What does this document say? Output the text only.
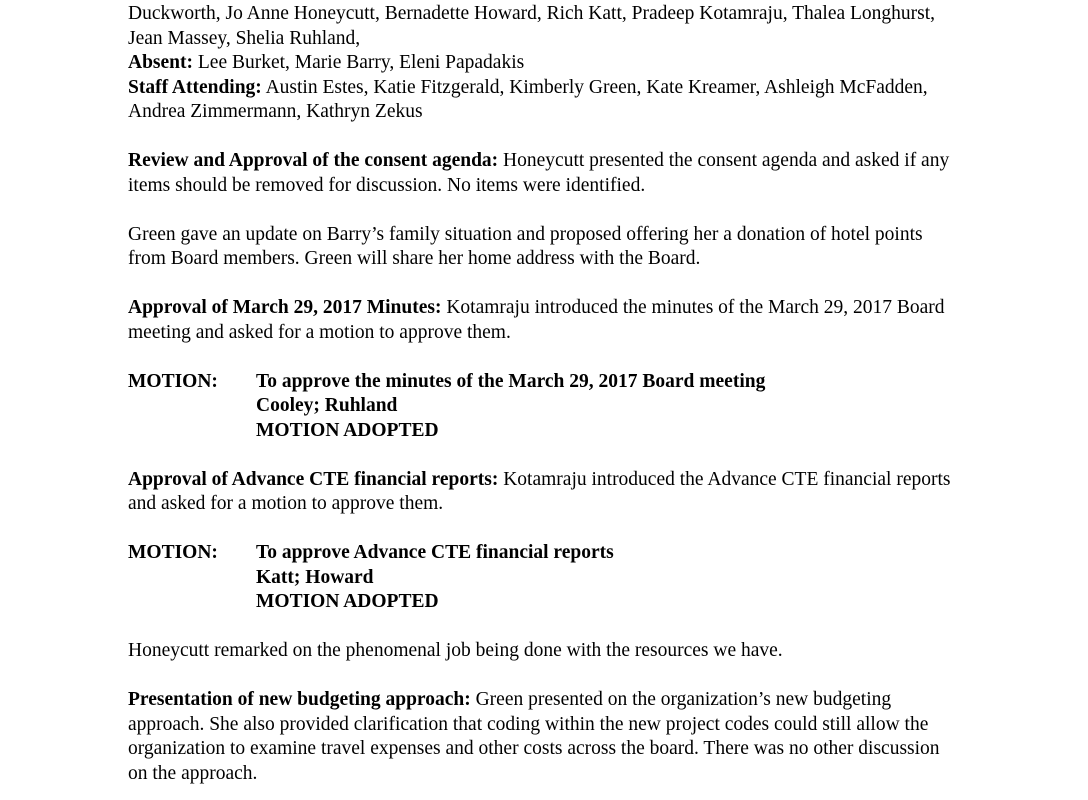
Duckworth, Jo Anne Honeycutt, Bernadette Howard, Rich Katt, Pradeep Kotamraju, Thalea Longhurst, Jean Massey, Shelia Ruhland,

Absent: Lee Burket, Marie Barry, Eleni Papadakis

Staff Attending: Austin Estes, Katie Fitzgerald, Kimberly Green, Kate Kreamer, Ashleigh McFadden, Andrea Zimmermann, Kathryn Zekus

Review and Approval of the consent agenda: Honeycutt presented the consent agenda and asked if any items should be removed for discussion. No items were identified.

Green gave an update on Barry’s family situation and proposed offering her a donation of hotel points from Board members. Green will share her home address with the Board.

Approval of March 29, 2017 Minutes: Kotamraju introduced the minutes of the March 29, 2017 Board meeting and asked for a motion to approve them.

MOTION:	To approve the minutes of the March 29, 2017 Board meeting
Cooley; Ruhland
MOTION ADOPTED

Approval of Advance CTE financial reports: Kotamraju introduced the Advance CTE financial reports and asked for a motion to approve them.

MOTION:	To approve Advance CTE financial reports
Katt; Howard
MOTION ADOPTED

Honeycutt remarked on the phenomenal job being done with the resources we have.

Presentation of new budgeting approach: Green presented on the organization’s new budgeting approach. She also provided clarification that coding within the new project codes could still allow the organization to examine travel expenses and other costs across the board. There was no other discussion on the approach.
